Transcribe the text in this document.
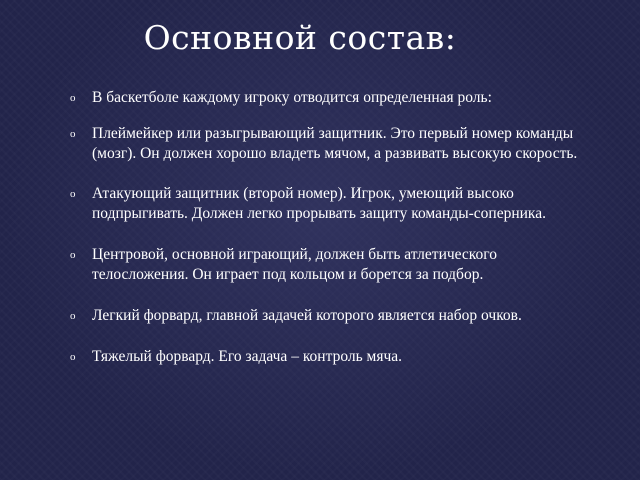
Основной состав:
o	В баскетболе каждому игроку отводится определенная роль:
o	Плеймейкер или разыгрывающий защитник. Это первый номер команды (мозг). Он должен хорошо владеть мячом, а развивать высокую скорость.
o	Атакующий защитник (второй номер). Игрок, умеющий высоко подпрыгивать. Должен легко прорывать защиту команды-соперника.
o	Центровой, основной играющий, должен быть атлетического телосложения. Он играет под кольцом и борется за подбор.
o	Легкий форвард, главной задачей которого является набор очков.
o	Тяжелый форвард. Его задача – контроль мяча.
